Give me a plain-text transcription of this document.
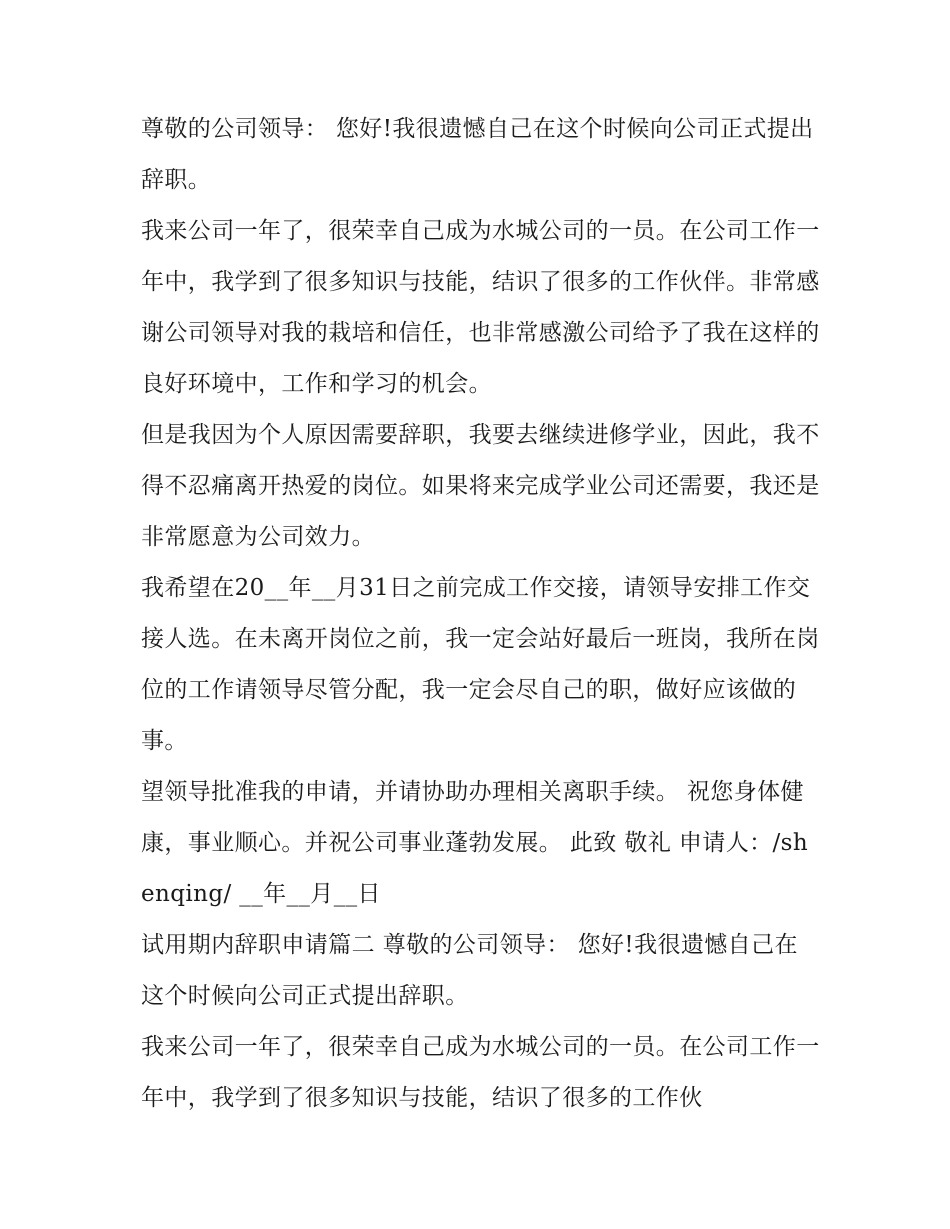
尊敬的公司领导： 您好!我很遗憾自己在这个时候向公司正式提出辞职。

我来公司一年了，很荣幸自己成为水城公司的一员。在公司工作一年中，我学到了很多知识与技能，结识了很多的工作伙伴。非常感谢公司领导对我的栽培和信任，也非常感激公司给予了我在这样的良好环境中，工作和学习的机会。

但是我因为个人原因需要辞职，我要去继续进修学业，因此，我不得不忍痛离开热爱的岗位。如果将来完成学业公司还需要，我还是非常愿意为公司效力。

我希望在20__年__月31日之前完成工作交接，请领导安排工作交接人选。在未离开岗位之前，我一定会站好最后一班岗，我所在岗位的工作请领导尽管分配，我一定会尽自己的职，做好应该做的事。

望领导批准我的申请，并请协助办理相关离职手续。 祝您身体健康，事业顺心。并祝公司事业蓬勃发展。 此致 敬礼 申请人：/shenqing/ __年__月__日

试用期内辞职申请篇二 尊敬的公司领导： 您好!我很遗憾自己在这个时候向公司正式提出辞职。

我来公司一年了，很荣幸自己成为水城公司的一员。在公司工作一年中，我学到了很多知识与技能，结识了很多的工作伙
